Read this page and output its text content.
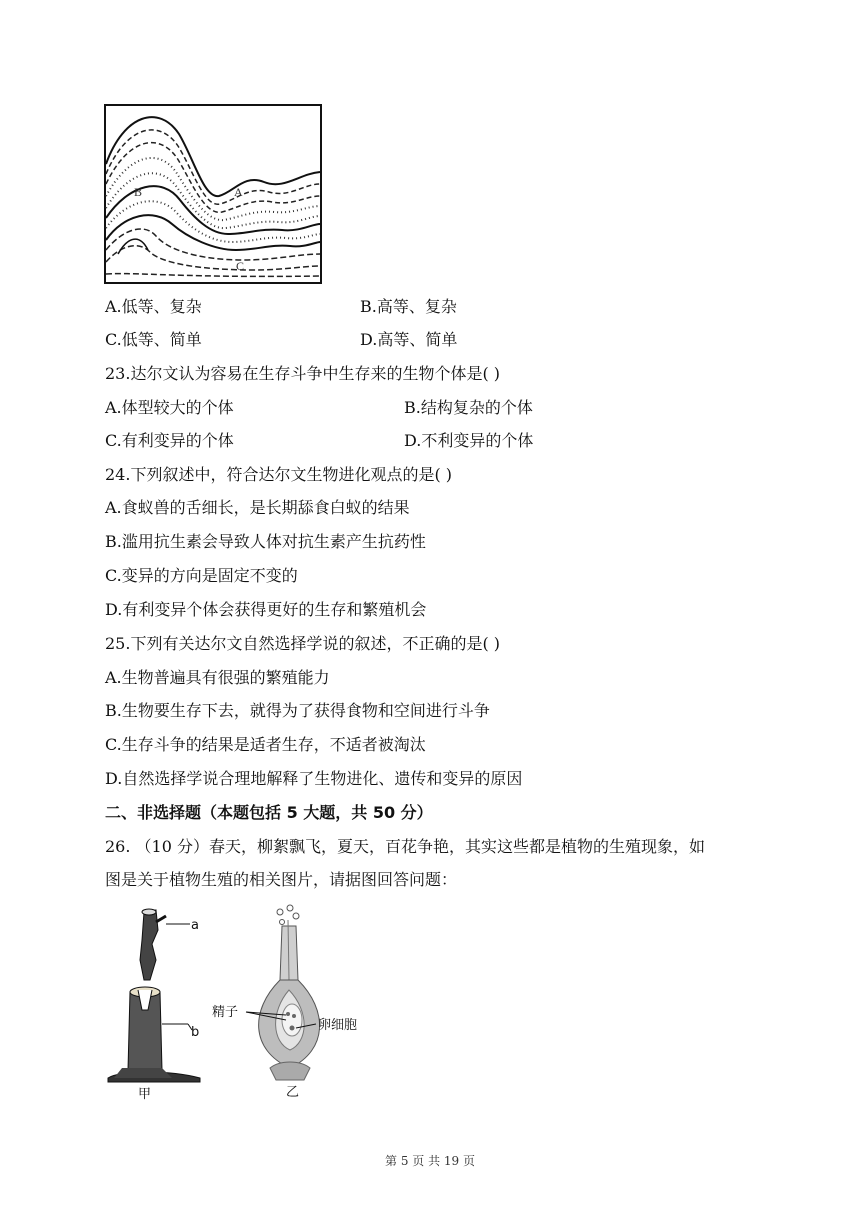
B	A
C
A.低等、复杂	B.高等、复杂
C.低等、简单	D.高等、简单
23.达尔文认为容易在生存斗争中生存来的生物个体是( )
A.体型较大的个体	B.结构复杂的个体
C.有利变异的个体	D.不利变异的个体
24.下列叙述中，符合达尔文生物进化观点的是( )
A.食蚁兽的舌细长，是长期舔食白蚁的结果
B.滥用抗生素会导致人体对抗生素产生抗药性
C.变异的方向是固定不变的
D.有利变异个体会获得更好的生存和繁殖机会
25.下列有关达尔文自然选择学说的叙述，不正确的是( )
A.生物普遍具有很强的繁殖能力
B.生物要生存下去，就得为了获得食物和空间进行斗争
C.生存斗争的结果是适者生存，不适者被淘汰
D.自然选择学说合理地解释了生物进化、遗传和变异的原因
二、非选择题（本题包括 5 大题，共 50 分）
26. （10 分）春天，柳絮飘飞，夏天，百花争艳，其实这些都是植物的生殖现象，如
图是关于植物生殖的相关图片，请据图回答问题：
a
b
甲
精子
卵细胞
乙
第 5 页 共 19 页
